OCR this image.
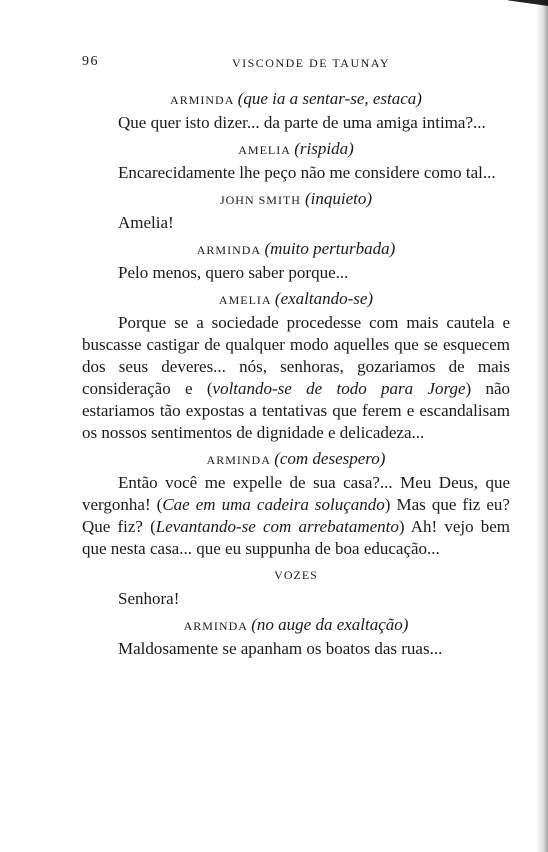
96	VISCONDE DE TAUNAY
ARMINDA (que ia a sentar-se, estaca)

Que quer isto dizer... da parte de uma amiga intima?...

AMELIA (rispida)

Encarecidamente lhe peço não me considere como tal...

JOHN SMITH (inquieto)

Amelia!

ARMINDA (muito perturbada)

Pelo menos, quero saber porque...

AMELIA (exaltando-se)

Porque se a sociedade procedesse com mais cautela e buscasse castigar de qualquer modo aquelles que se esquecem dos seus deveres... nós, senhoras, gozariamos de mais consideração e (voltando-se de todo para Jorge) não estariamos tão expostas a tentativas que ferem e escandalisam os nossos sentimentos de dignidade e delicadeza...

ARMINDA (com desespero)

Então você me expelle de sua casa?... Meu Deus, que vergonha! (Cae em uma cadeira soluçando) Mas que fiz eu? Que fiz? (Levantando-se com arrebatamento) Ah! vejo bem que nesta casa... que eu suppunha de boa educação...

VOZES

Senhora!

ARMINDA (no auge da exaltação)

Maldosamente se apanham os boatos das ruas...
